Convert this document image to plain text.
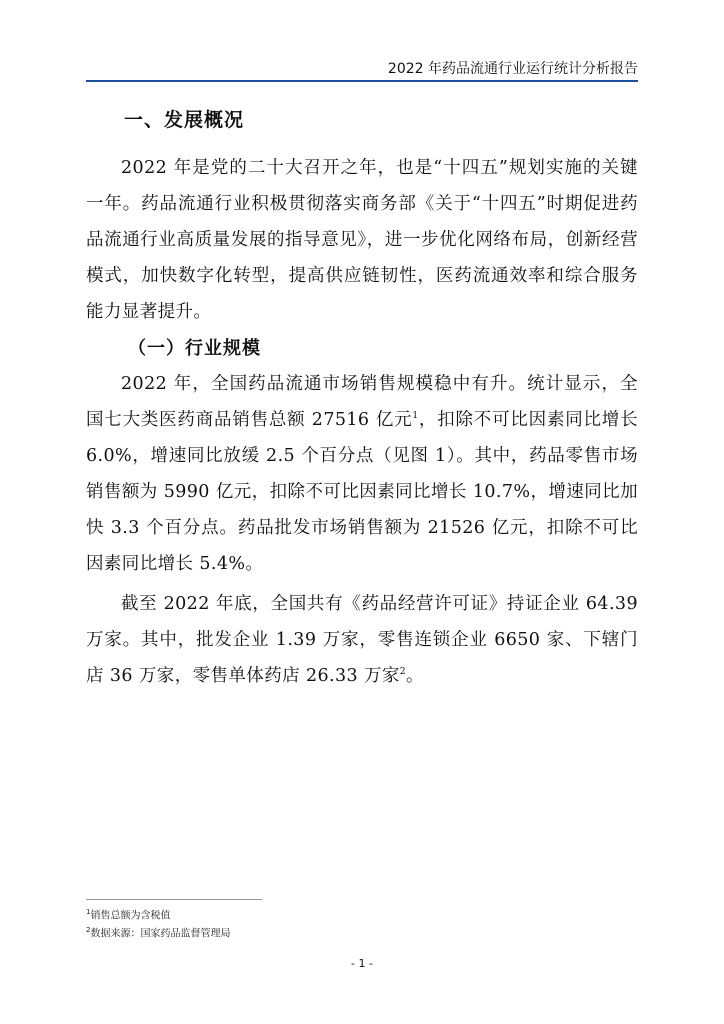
2022 年药品流通行业运行统计分析报告
一、发展概况

2022 年是党的二十大召开之年，也是“十四五”规划实施的关键一年。药品流通行业积极贯彻落实商务部《关于“十四五”时期促进药品流通行业高质量发展的指导意见》，进一步优化网络布局，创新经营模式，加快数字化转型，提高供应链韧性，医药流通效率和综合服务能力显著提升。

（一）行业规模

2022 年，全国药品流通市场销售规模稳中有升。统计显示，全国七大类医药商品销售总额 27516 亿元$^1$，扣除不可比因素同比增长 6.0%，增速同比放缓 2.5 个百分点（见图 1）。其中，药品零售市场销售额为 5990 亿元，扣除不可比因素同比增长 10.7%，增速同比加快 3.3 个百分点。药品批发市场销售额为 21526 亿元，扣除不可比因素同比增长 5.4%。

截至 2022 年底，全国共有《药品经营许可证》持证企业 64.39 万家。其中，批发企业 1.39 万家，零售连锁企业 6650 家、下辖门店 36 万家，零售单体药店 26.33 万家$^2$。

$^1$销售总额为含税值
$^2$数据来源：国家药品监督管理局
- 1 -
